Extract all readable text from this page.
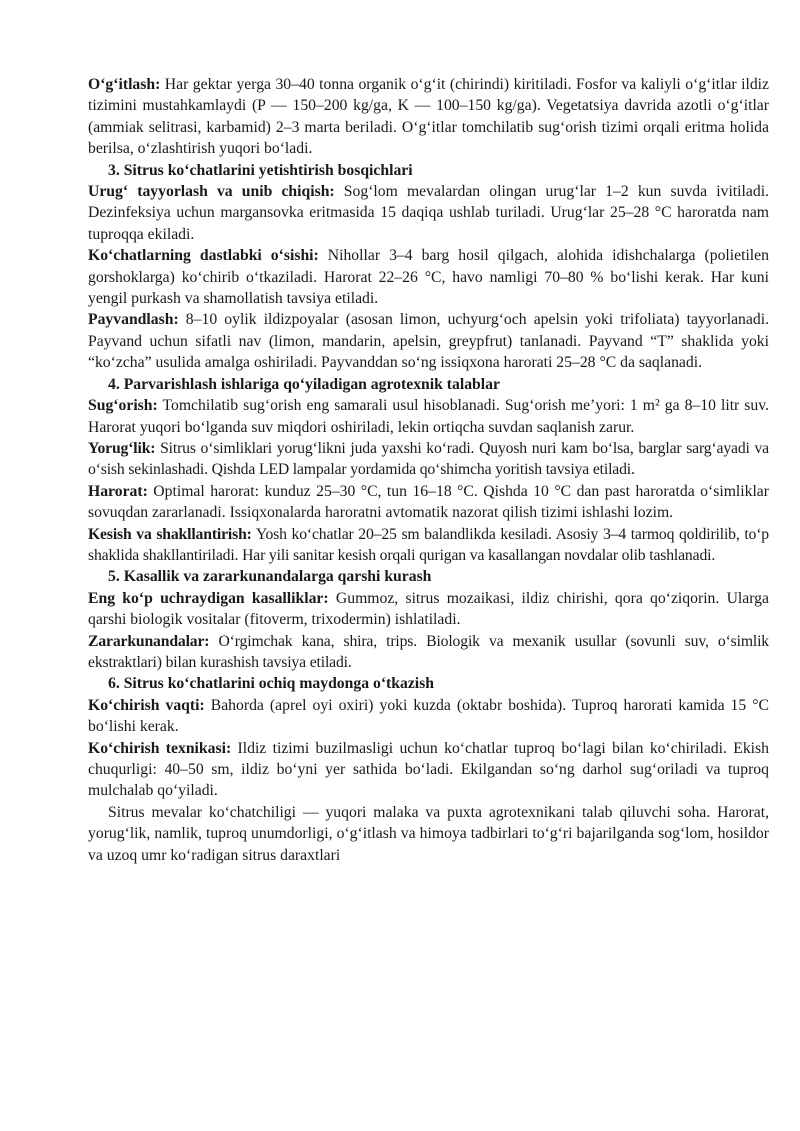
O‘g‘itlash: Har gektar yerga 30–40 tonna organik o‘g‘it (chirindi) kiritiladi. Fosfor va kaliyli o‘g‘itlar ildiz tizimini mustahkamlaydi (P — 150–200 kg/ga, K — 100–150 kg/ga). Vegetatsiya davrida azotli o‘g‘itlar (ammiak selitrasi, karbamid) 2–3 marta beriladi. O‘g‘itlar tomchilatib sug‘orish tizimi orqali eritma holida berilsa, o‘zlashtirish yuqori bo‘ladi.

3. Sitrus ko‘chatlarini yetishtirish bosqichlari

Urug‘ tayyorlash va unib chiqish: Sog‘lom mevalardan olingan urug‘lar 1–2 kun suvda ivitiladi. Dezinfeksiya uchun margansovka eritmasida 15 daqiqa ushlab turiladi. Urug‘lar 25–28 °C haroratda nam tuproqqa ekiladi.

Ko‘chatlarning dastlabki o‘sishi: Nihollar 3–4 barg hosil qilgach, alohida idishchalarga (polietilen gorshoklarga) ko‘chirib o‘tkaziladi. Harorat 22–26 °C, havo namligi 70–80 % bo‘lishi kerak. Har kuni yengil purkash va shamollatish tavsiya etiladi.

Payvandlash: 8–10 oylik ildizpoyalar (asosan limon, uchyurg‘och apelsin yoki trifoliata) tayyorlanadi. Payvand uchun sifatli nav (limon, mandarin, apelsin, greypfrut) tanlanadi. Payvand “T” shaklida yoki “ko‘zcha” usulida amalga oshiriladi. Payvanddan so‘ng issiqxona harorati 25–28 °C da saqlanadi.

4. Parvarishlash ishlariga qo‘yiladigan agrotexnik talablar

Sug‘orish: Tomchilatib sug‘orish eng samarali usul hisoblanadi. Sug‘orish me’yori: 1 m² ga 8–10 litr suv. Harorat yuqori bo‘lganda suv miqdori oshiriladi, lekin ortiqcha suvdan saqlanish zarur.

Yorug‘lik: Sitrus o‘simliklari yorug‘likni juda yaxshi ko‘radi. Quyosh nuri kam bo‘lsa, barglar sarg‘ayadi va o‘sish sekinlashadi. Qishda LED lampalar yordamida qo‘shimcha yoritish tavsiya etiladi.

Harorat: Optimal harorat: kunduz 25–30 °C, tun 16–18 °C. Qishda 10 °C dan past haroratda o‘simliklar sovuqdan zararlanadi. Issiqxonalarda haroratni avtomatik nazorat qilish tizimi ishlashi lozim.

Kesish va shakllantirish: Yosh ko‘chatlar 20–25 sm balandlikda kesiladi. Asosiy 3–4 tarmoq qoldirilib, to‘p shaklida shakllantiriladi. Har yili sanitar kesish orqali qurigan va kasallangan novdalar olib tashlanadi.

5. Kasallik va zararkunandalarga qarshi kurash

Eng ko‘p uchraydigan kasalliklar: Gummoz, sitrus mozaikasi, ildiz chirishi, qora qo‘ziqorin. Ularga qarshi biologik vositalar (fitoverm, trixodermin) ishlatiladi.

Zararkunandalar: O‘rgimchak kana, shira, trips. Biologik va mexanik usullar (sovunli suv, o‘simlik ekstraktlari) bilan kurashish tavsiya etiladi.

6. Sitrus ko‘chatlarini ochiq maydonga o‘tkazish

Ko‘chirish vaqti: Bahorda (aprel oyi oxiri) yoki kuzda (oktabr boshida). Tuproq harorati kamida 15 °C bo‘lishi kerak.

Ko‘chirish texnikasi: Ildiz tizimi buzilmasligi uchun ko‘chatlar tuproq bo‘lagi bilan ko‘chiriladi. Ekish chuqurligi: 40–50 sm, ildiz bo‘yni yer sathida bo‘ladi. Ekilgandan so‘ng darhol sug‘oriladi va tuproq mulchalab qo‘yiladi.

Sitrus mevalar ko‘chatchiligi — yuqori malaka va puxta agrotexnikani talab qiluvchi soha. Harorat, yorug‘lik, namlik, tuproq unumdorligi, o‘g‘itlash va himoya tadbirlari to‘g‘ri bajarilganda sog‘lom, hosildor va uzoq umr ko‘radigan sitrus daraxtlari
